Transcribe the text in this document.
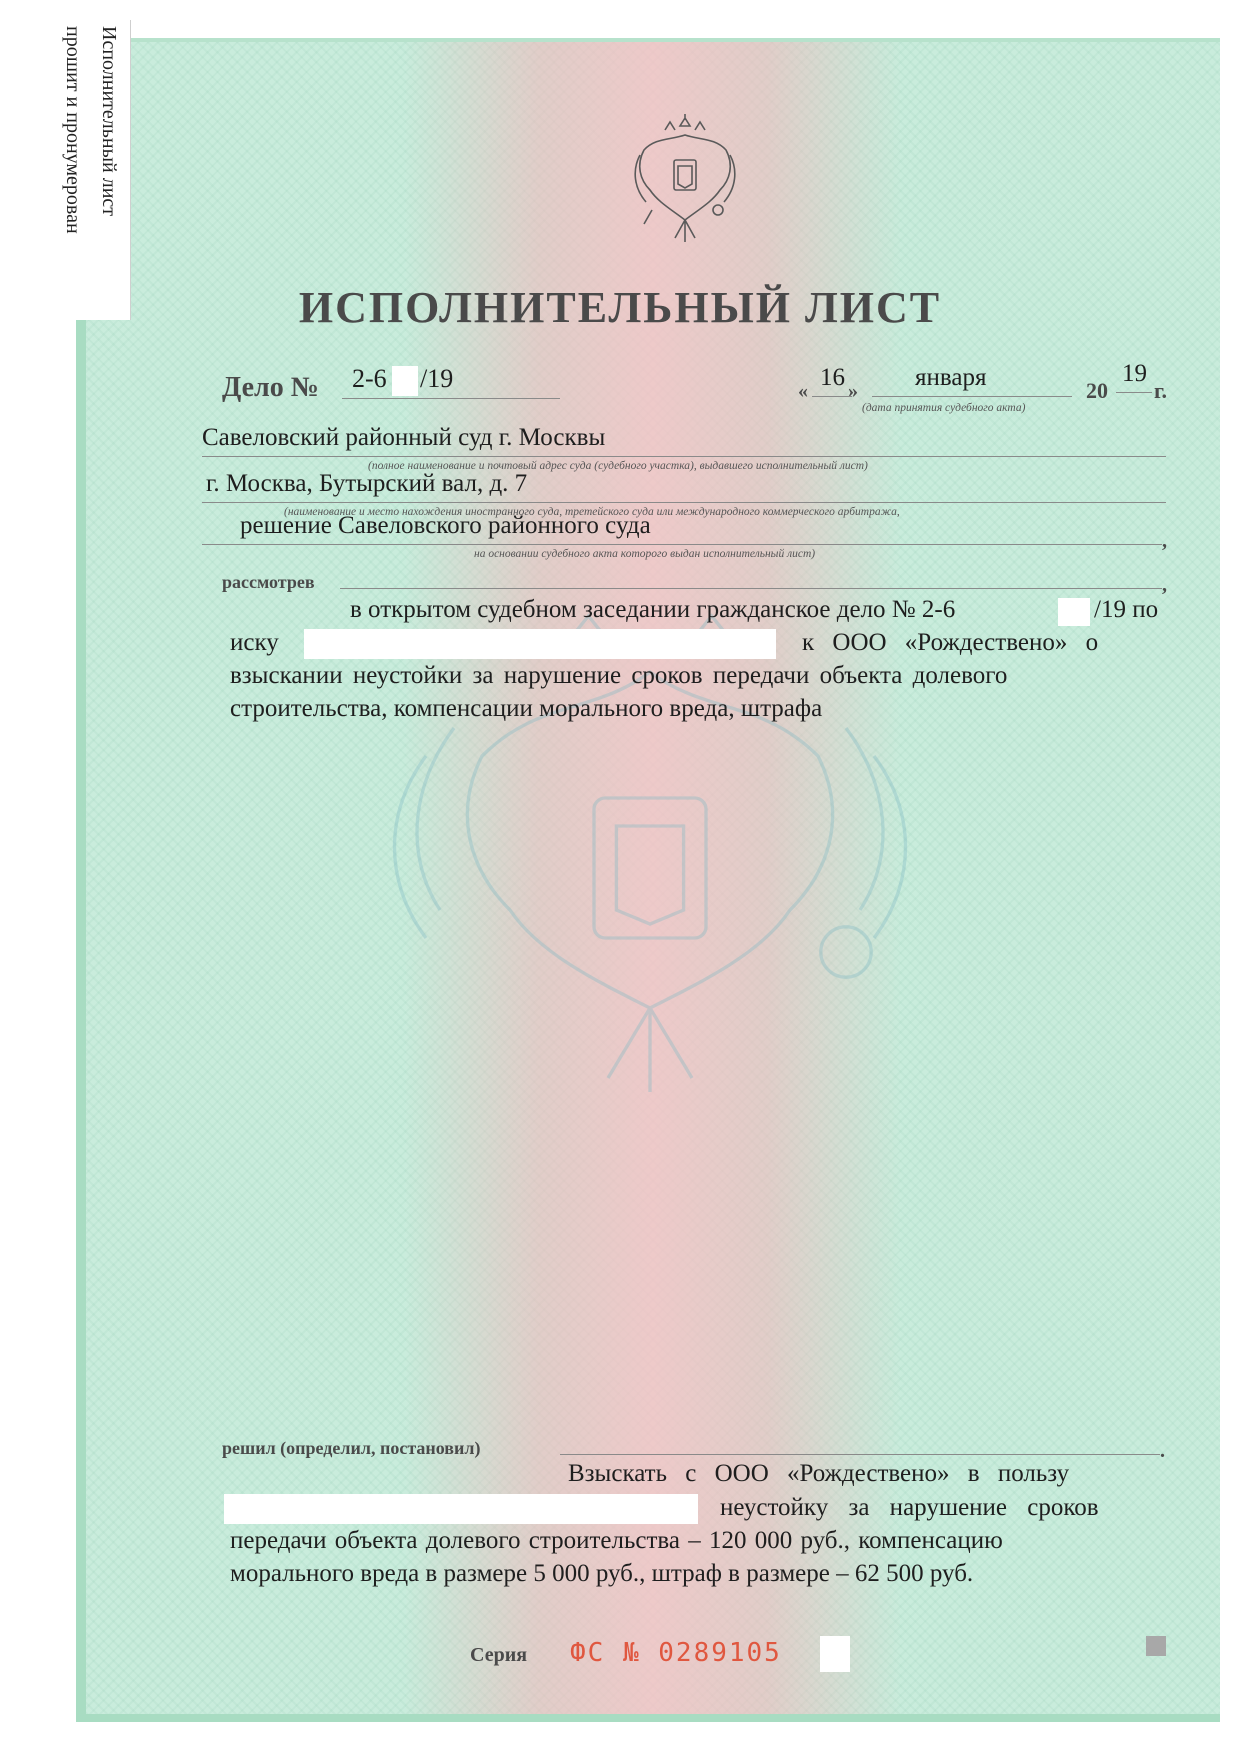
Исполнительный лист
прошит и пронумерован
ИСПОЛНИТЕЛЬНЫЙ ЛИСТ
Дело № 2-6 /19	« 16 » января	20
19
г.
(дата принятия судебного акта)
Савеловский районный суд г. Москвы
(полное наименование и почтовый адрес суда (судебного участка), выдавшего исполнительный лист)
г. Москва, Бутырский вал, д. 7
(наименование и место нахождения иностранного суда, третейского суда или международного коммерческого арбитража,
решение Савеловского районного суда
,
на основании судебного акта которого выдан исполнительный лист)
рассмотрев	,
в открытом судебном заседании гражданское дело № 2-6	/19 по
иску	к ООО «Рождествено» о
взыскании неустойки за нарушение сроков передачи объекта долевого
строительства, компенсации морального вреда, штрафа
решил (определил, постановил)	.
Взыскать с ООО «Рождествено» в пользу
неустойку за нарушение сроков
передачи объекта долевого строительства – 120 000 руб., компенсацию
морального вреда в размере 5 000 руб., штраф в размере – 62 500 руб.
Серия ФС № 0289105
